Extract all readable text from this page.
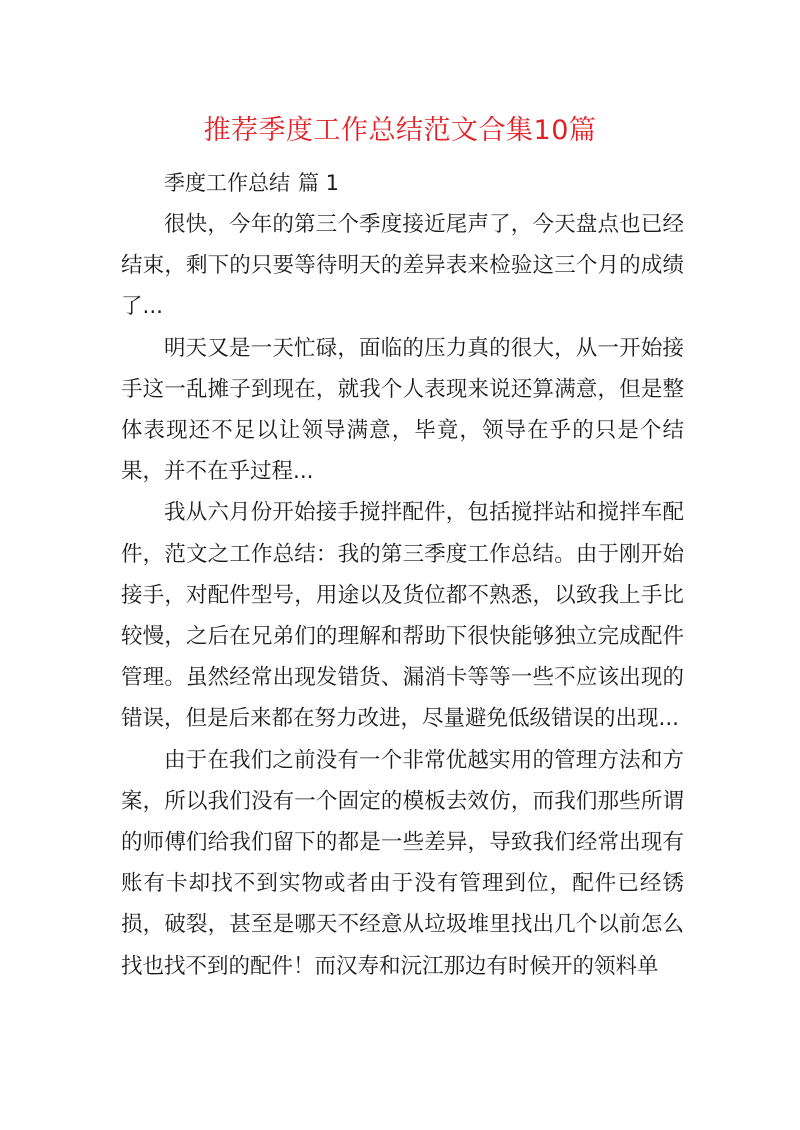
推荐季度工作总结范文合集10篇
季度工作总结 篇 1

很快，今年的第三个季度接近尾声了，今天盘点也已经结束，剩下的只要等待明天的差异表来检验这三个月的成绩了...

明天又是一天忙碌，面临的压力真的很大，从一开始接手这一乱摊子到现在，就我个人表现来说还算满意，但是整体表现还不足以让领导满意，毕竟，领导在乎的只是个结果，并不在乎过程...

我从六月份开始接手搅拌配件，包括搅拌站和搅拌车配件，范文之工作总结：我的第三季度工作总结。由于刚开始接手，对配件型号，用途以及货位都不熟悉，以致我上手比较慢，之后在兄弟们的理解和帮助下很快能够独立完成配件管理。虽然经常出现发错货、漏消卡等等一些不应该出现的错误，但是后来都在努力改进，尽量避免低级错误的出现...

由于在我们之前没有一个非常优越实用的管理方法和方案，所以我们没有一个固定的模板去效仿，而我们那些所谓的师傅们给我们留下的都是一些差异，导致我们经常出现有账有卡却找不到实物或者由于没有管理到位，配件已经锈损，破裂，甚至是哪天不经意从垃圾堆里找出几个以前怎么找也找不到的配件！而汉寿和沅江那边有时候开的领料单
